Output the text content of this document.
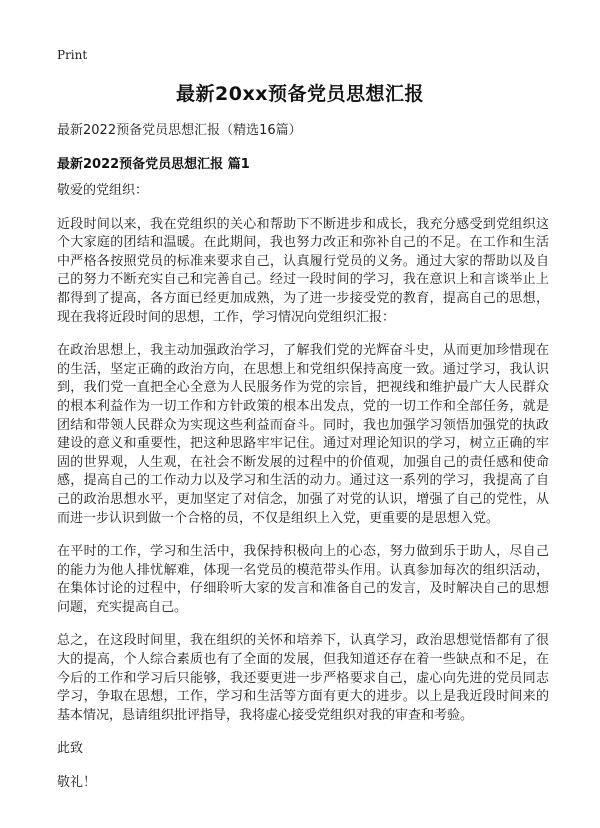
Print
最新20xx预备党员思想汇报
最新2022预备党员思想汇报（精选16篇）
最新2022预备党员思想汇报 篇1

敬爱的党组织：

近段时间以来，我在党组织的关心和帮助下不断进步和成长，我充分感受到党组织这个大家庭的团结和温暖。在此期间，我也努力改正和弥补自己的不足。在工作和生活中严格各按照党员的标准来要求自己，认真履行党员的义务。通过大家的帮助以及自己的努力不断充实自己和完善自己。经过一段时间的学习，我在意识上和言谈举止上都得到了提高，各方面已经更加成熟，为了进一步接受党的教育，提高自己的思想，现在我将近段时间的思想，工作，学习情况向党组织汇报：

在政治思想上，我主动加强政治学习，了解我们党的光辉奋斗史，从而更加珍惜现在的生活，坚定正确的政治方向，在思想上和党组织保持高度一致。通过学习，我认识到，我们党一直把全心全意为人民服务作为党的宗旨，把视线和维护最广大人民群众的根本利益作为一切工作和方针政策的根本出发点，党的一切工作和全部任务，就是团结和带领人民群众为实现这些利益而奋斗。同时，我也加强学习领悟加强党的执政建设的意义和重要性，把这种思路牢牢记住。通过对理论知识的学习，树立正确的牢固的世界观，人生观，在社会不断发展的过程中的价值观，加强自己的责任感和使命感，提高自己的工作动力以及学习和生活的动力。通过这一系列的学习，我提高了自己的政治思想水平，更加坚定了对信念，加强了对党的认识，增强了自己的党性，从而进一步认识到做一个合格的员，不仅是组织上入党，更重要的是思想入党。

在平时的工作，学习和生活中，我保持积极向上的心态，努力做到乐于助人，尽自己的能力为他人排忧解难，体现一名党员的模范带头作用。认真参加每次的组织活动，在集体讨论的过程中，仔细聆听大家的发言和准备自己的发言，及时解决自己的思想问题，充实提高自己。

总之，在这段时间里，我在组织的关怀和培养下，认真学习，政治思想觉悟都有了很大的提高，个人综合素质也有了全面的发展，但我知道还存在着一些缺点和不足，在今后的工作和学习后只能够，我还要更进一步严格要求自己，虚心向先进的党员同志学习，争取在思想，工作，学习和生活等方面有更大的进步。以上是我近段时间来的基本情况，恳请组织批评指导，我将虚心接受党组织对我的审查和考验。

此致

敬礼！
